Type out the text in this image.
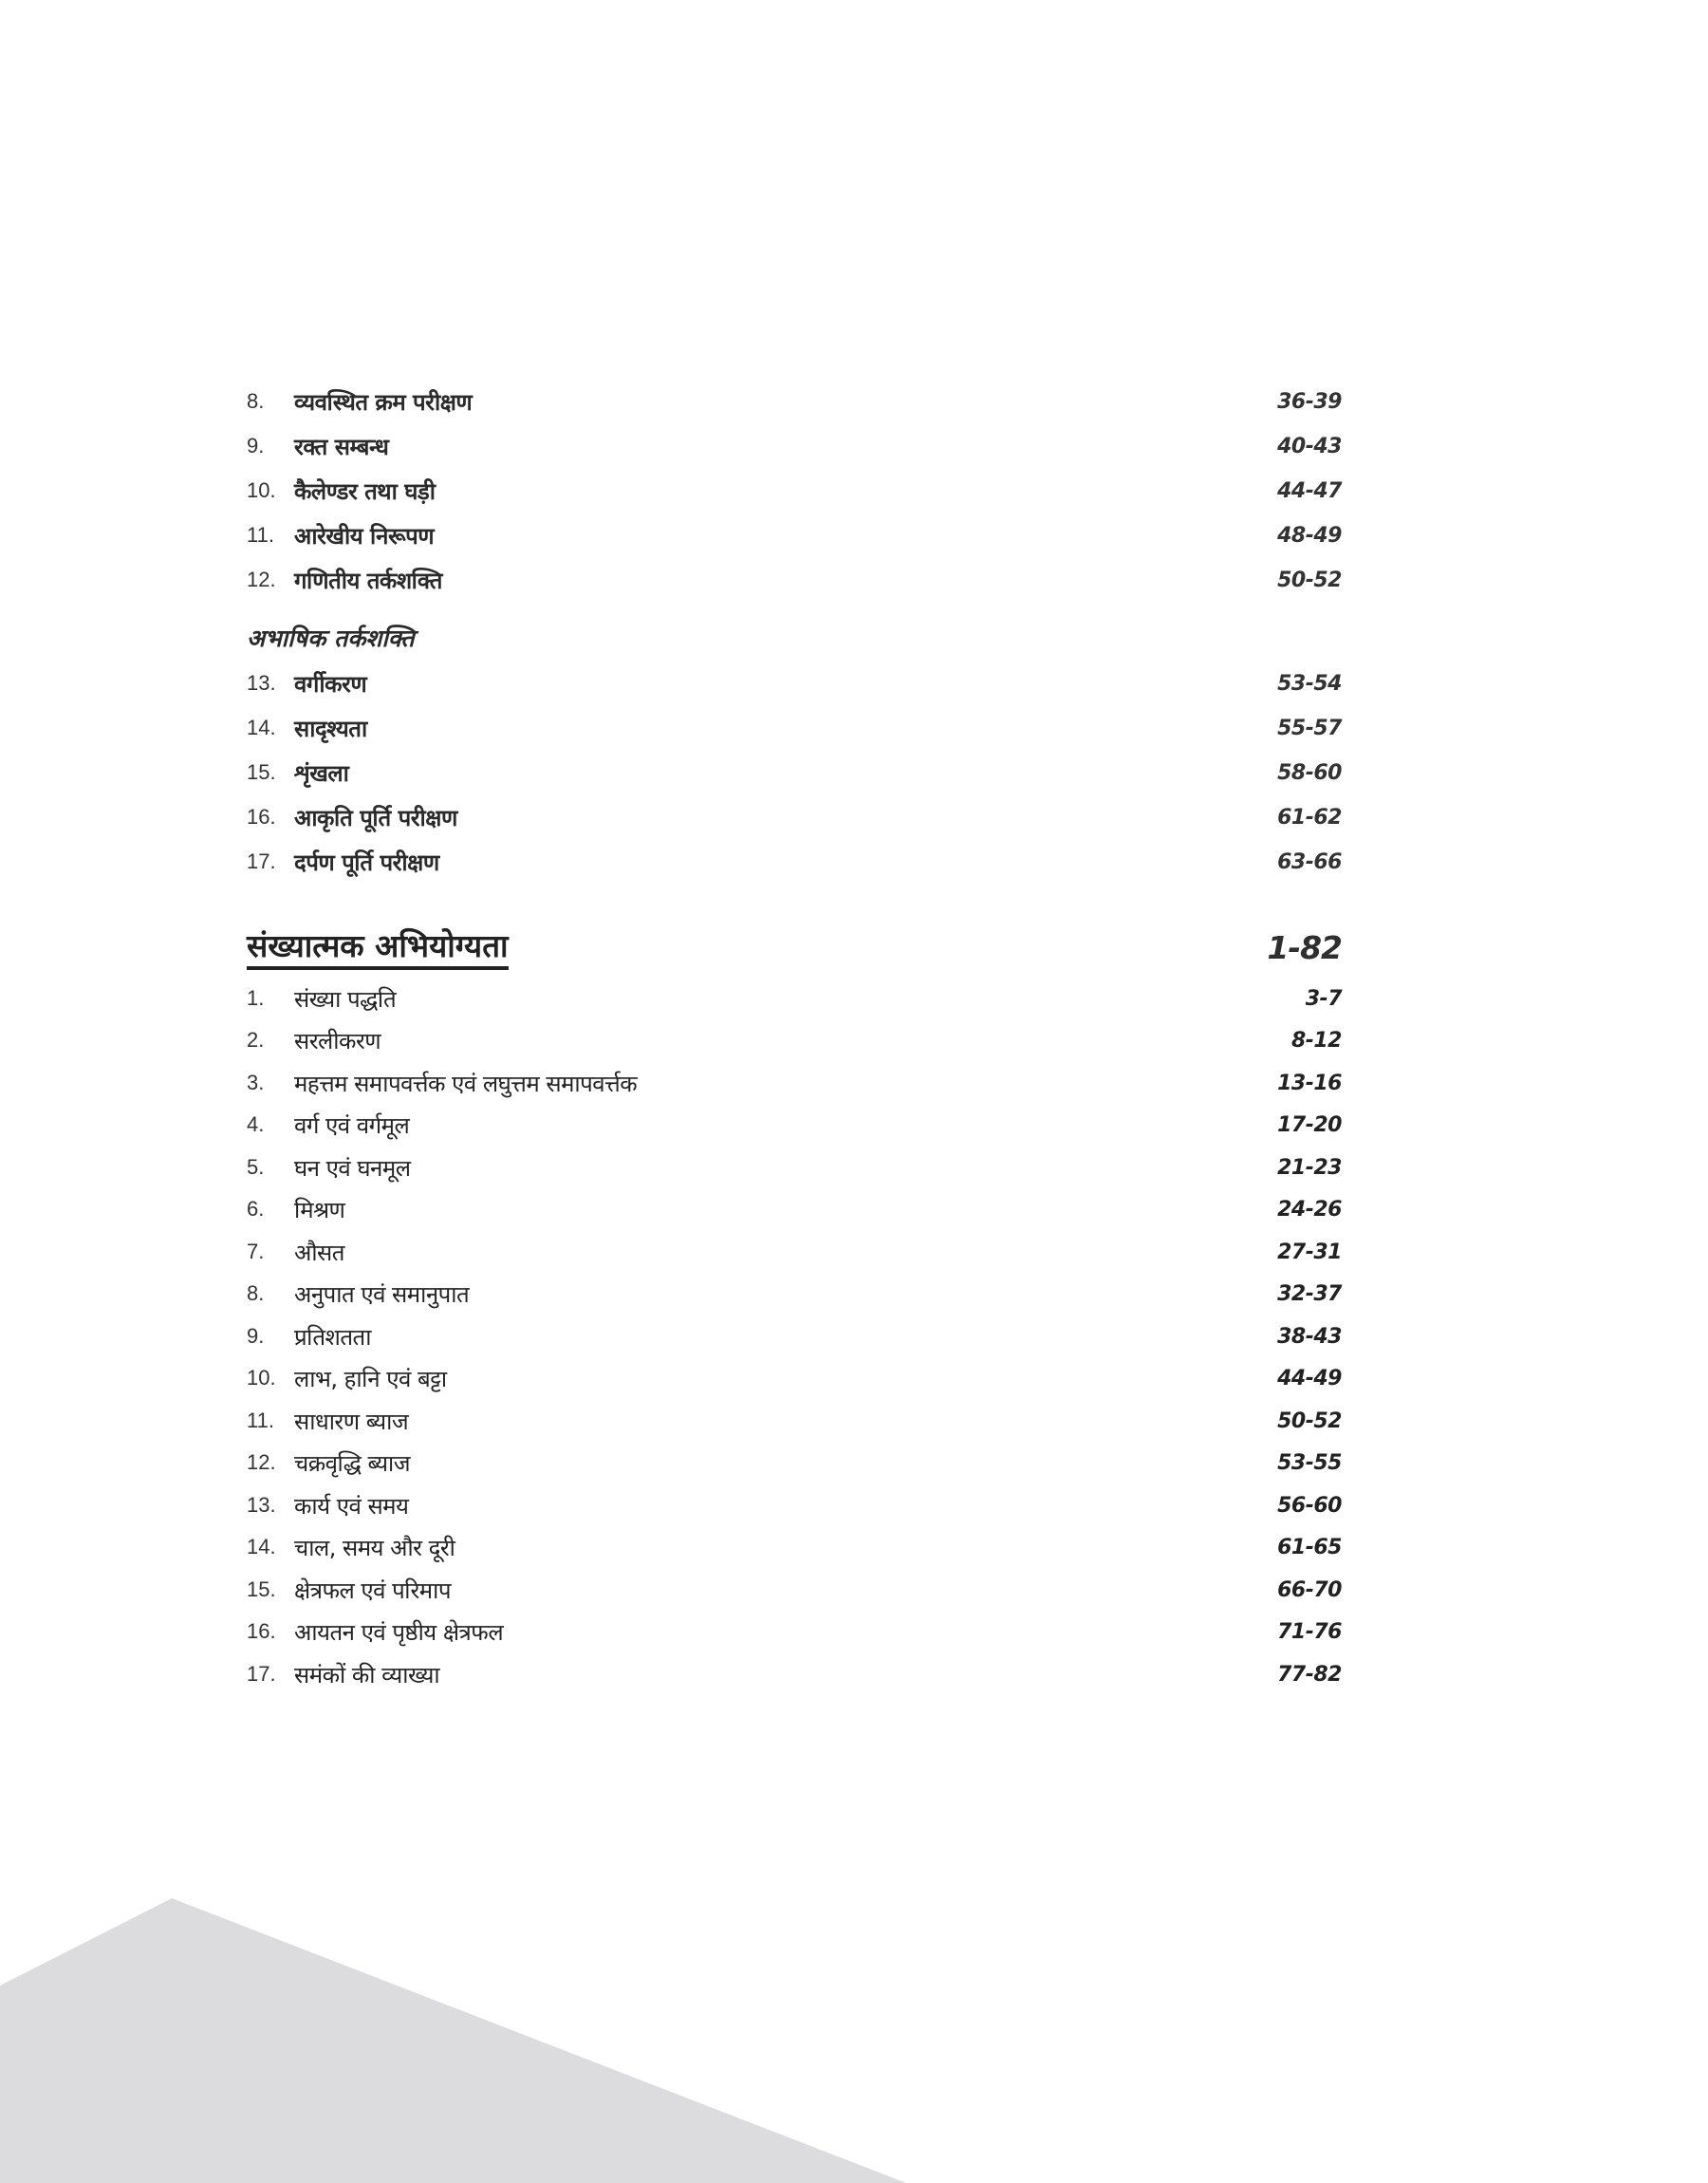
8.	व्यवस्थित क्रम परीक्षण	36-39
9.	रक्त सम्बन्ध	40-43
10. कैलेण्डर तथा घड़ी	44-47
11. आरेखीय निरूपण	48-49
12. गणितीय तर्कशक्ति	50-52
अभाषिक तर्कशक्ति
13. वर्गीकरण	53-54
14. सादृश्यता	55-57
15. शृंखला	58-60
16. आकृति पूर्ति परीक्षण	61-62
17. दर्पण पूर्ति परीक्षण	63-66
संख्यात्मक अभियोग्यता	1-82
1.	संख्या पद्धति	3-7
2.	सरलीकरण	8-12
3.	महत्तम समापवर्त्तक एवं लघुत्तम समापवर्त्तक	13-16
4.	वर्ग एवं वर्गमूल	17-20
5.	घन एवं घनमूल	21-23
6.	मिश्रण	24-26
7.	औसत	27-31
8.	अनुपात एवं समानुपात	32-37
9.	प्रतिशतता	38-43
10. लाभ, हानि एवं बट्टा	44-49
11. साधारण ब्याज	50-52
12. चक्रवृद्धि ब्याज	53-55
13. कार्य एवं समय	56-60
14. चाल, समय और दूरी	61-65
15. क्षेत्रफल एवं परिमाप	66-70
16. आयतन एवं पृष्ठीय क्षेत्रफल	71-76
17. समंकों की व्याख्या	77-82
